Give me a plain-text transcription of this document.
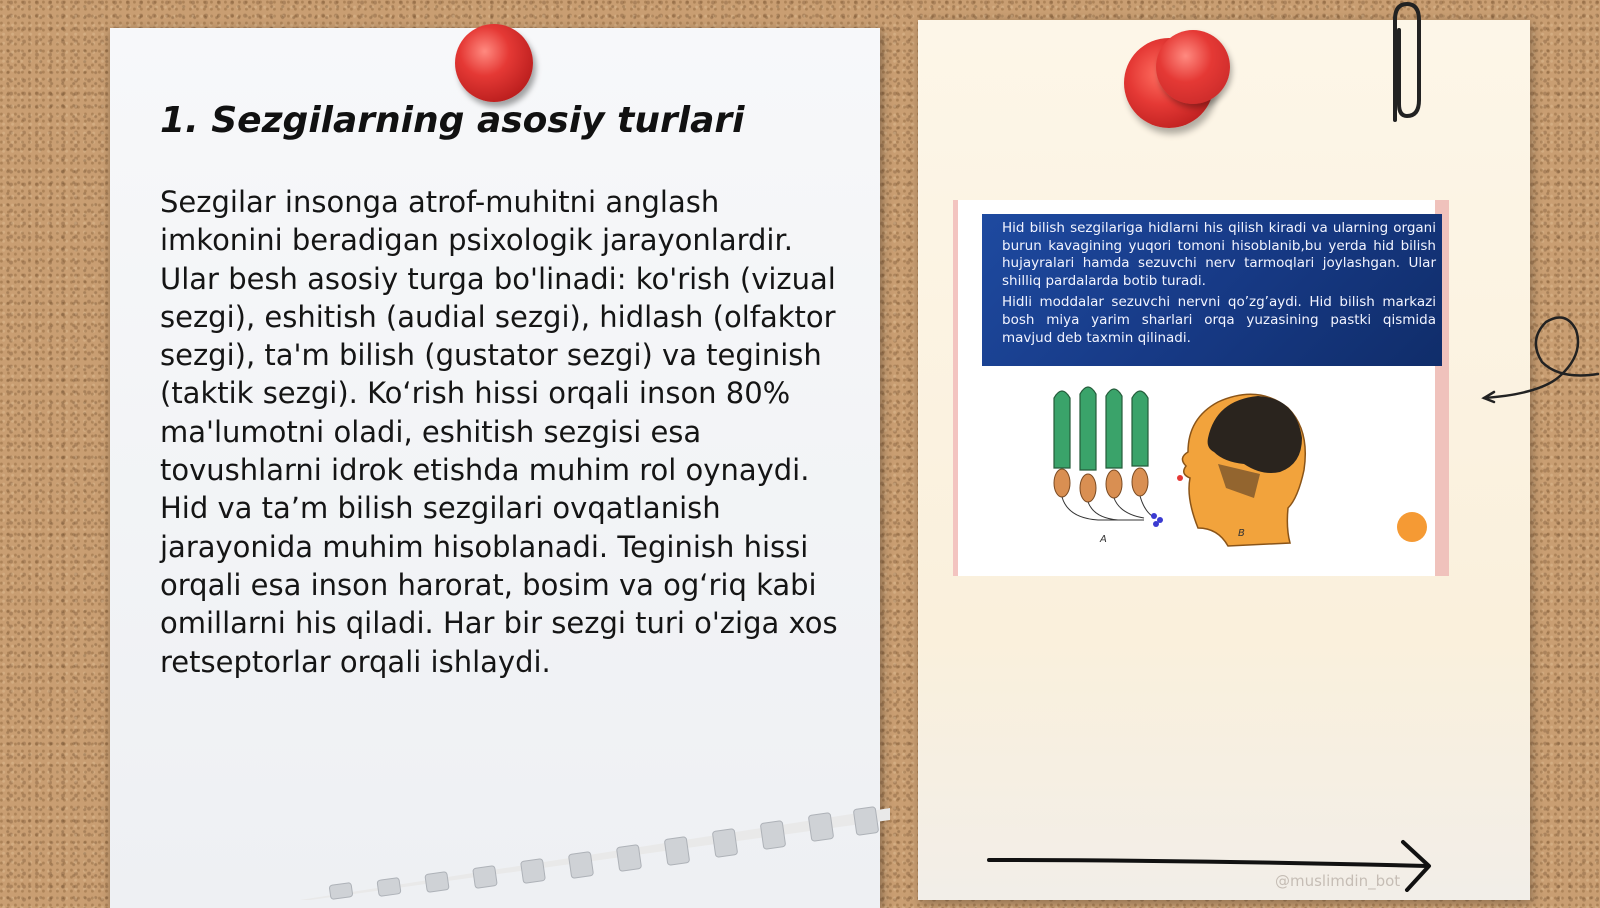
1. Sezgilarning asosiy turlari

Sezgilar insonga atrof-muhitni anglash imkonini beradigan psixologik jarayonlardir. Ular besh asosiy turga bo'linadi: ko'rish (vizual sezgi), eshitish (audial sezgi), hidlash (olfaktor sezgi), ta'm bilish (gustator sezgi) va teginish (taktik sezgi). Ko‘rish hissi orqali inson 80% ma'lumotni oladi, eshitish sezgisi esa tovushlarni idrok etishda muhim rol oynaydi. Hid va ta’m bilish sezgilari ovqatlanish jarayonida muhim hisoblanadi. Teginish hissi orqali esa inson harorat, bosim va og‘riq kabi omillarni his qiladi. Har bir sezgi turi o'ziga xos retseptorlar orqali ishlaydi.

Hid bilish sezgilariga hidlarni his qilish kiradi va ularning organi burun kavagining yuqori tomoni hisoblanib,bu yerda hid bilish hujayralari hamda sezuvchi nerv tarmoqlari joylashgan. Ular shilliq pardalarda botib turadi.

Hidli moddalar sezuvchi nervni qo’zg’aydi. Hid bilish markazi bosh miya yarim sharlari orqa yuzasining pastki qismida mavjud deb taxmin qilinadi.

A
B
@muslimdin_bot
